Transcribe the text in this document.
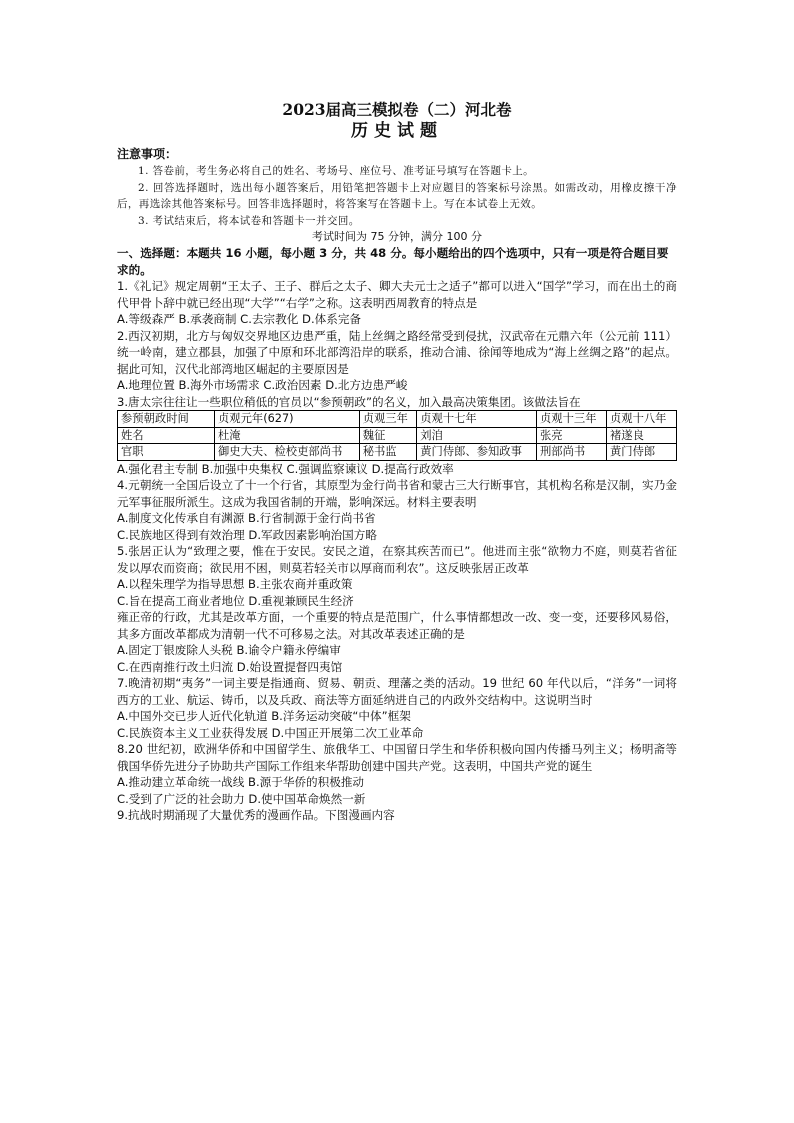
2023届高三模拟卷（二）河北卷

历史试题

注意事项：

1. 答卷前，考生务必将自己的姓名、考场号、座位号、准考证号填写在答题卡上。

2. 回答选择题时，选出每小题答案后，用铅笔把答题卡上对应题目的答案标号涂黑。如需改动，用橡皮擦干净后，再选涂其他答案标号。回答非选择题时，将答案写在答题卡上。写在本试卷上无效。

3. 考试结束后，将本试卷和答题卡一并交回。

考试时间为 75 分钟，满分 100 分

一、选择题：本题共 16 小题，每小题 3 分，共 48 分。每小题给出的四个选项中，只有一项是符合题目要求的。

1.《礼记》规定周朝“王太子、王子、群后之太子、卿大夫元士之适子”都可以进入“国学”学习，而在出土的商代甲骨卜辞中就已经出现“大学”“右学”之称。这表明西周教育的特点是

A.等级森严 B.承袭商制 C.去宗教化 D.体系完备

2.西汉初期，北方与匈奴交界地区边患严重，陆上丝绸之路经常受到侵扰，汉武帝在元鼎六年（公元前 111）统一岭南，建立郡县，加强了中原和环北部湾沿岸的联系，推动合浦、徐闻等地成为“海上丝绸之路”的起点。据此可知，汉代北部湾地区崛起的主要原因是

A.地理位置 B.海外市场需求 C.政治因素 D.北方边患严峻

3.唐太宗往往让一些职位稍低的官员以“参预朝政”的名义，加入最高决策集团。该做法旨在

参预朝政时间	贞观元年(627)	贞观三年	贞观十七年	贞观十三年	贞观十八年
姓名	杜淹	魏征	刘洎	张亮	褚遂良
官职	御史大夫、检校吏部尚书	秘书监	黄门侍郎、参知政事	刑部尚书	黄门侍郎

A.强化君主专制 B.加强中央集权 C.强调监察谏议 D.提高行政效率

4.元朝统一全国后设立了十一个行省，其原型为金行尚书省和蒙古三大行断事官，其机构名称是汉制，实乃金元军事征服所派生。这成为我国省制的开端，影响深远。材料主要表明

A.制度文化传承自有渊源 B.行省制源于金行尚书省

C.民族地区得到有效治理 D.军政因素影响治国方略

5.张居正认为“致理之要，惟在于安民。安民之道，在察其疾苦而已”。他进而主张“欲物力不庭，则莫若省征发以厚农而资商；欲民用不困，则莫若轻关市以厚商而利农”。这反映张居正改革

A.以程朱理学为指导思想 B.主张农商并重政策

C.旨在提高工商业者地位 D.重视兼顾民生经济

雍正帝的行政，尤其是改革方面，一个重要的特点是范围广，什么事情都想改一改、变一变，还要移风易俗，其多方面改革都成为清朝一代不可移易之法。对其改革表述正确的是

A.固定丁银废除人头税 B.谕令户籍永停编审

C.在西南推行改土归流 D.始设置提督四夷馆

7.晚清初期“夷务”一词主要是指通商、贸易、朝贡、理藩之类的活动。19 世纪 60 年代以后，“洋务”一词将西方的工业、航运、铸币，以及兵政、商法等方面延纳进自己的内政外交结构中。这说明当时

A.中国外交已步人近代化轨道 B.洋务运动突破“中体”框架

C.民族资本主义工业获得发展 D.中国正开展第二次工业革命

8.20 世纪初，欧洲华侨和中国留学生、旅俄华工、中国留日学生和华侨积极向国内传播马列主义；杨明斋等俄国华侨先进分子协助共产国际工作组来华帮助创建中国共产党。这表明，中国共产党的诞生

A.推动建立革命统一战线 B.源于华侨的积极推动

C.受到了广泛的社会助力 D.使中国革命焕然一新

9.抗战时期涌现了大量优秀的漫画作品。下图漫画内容
